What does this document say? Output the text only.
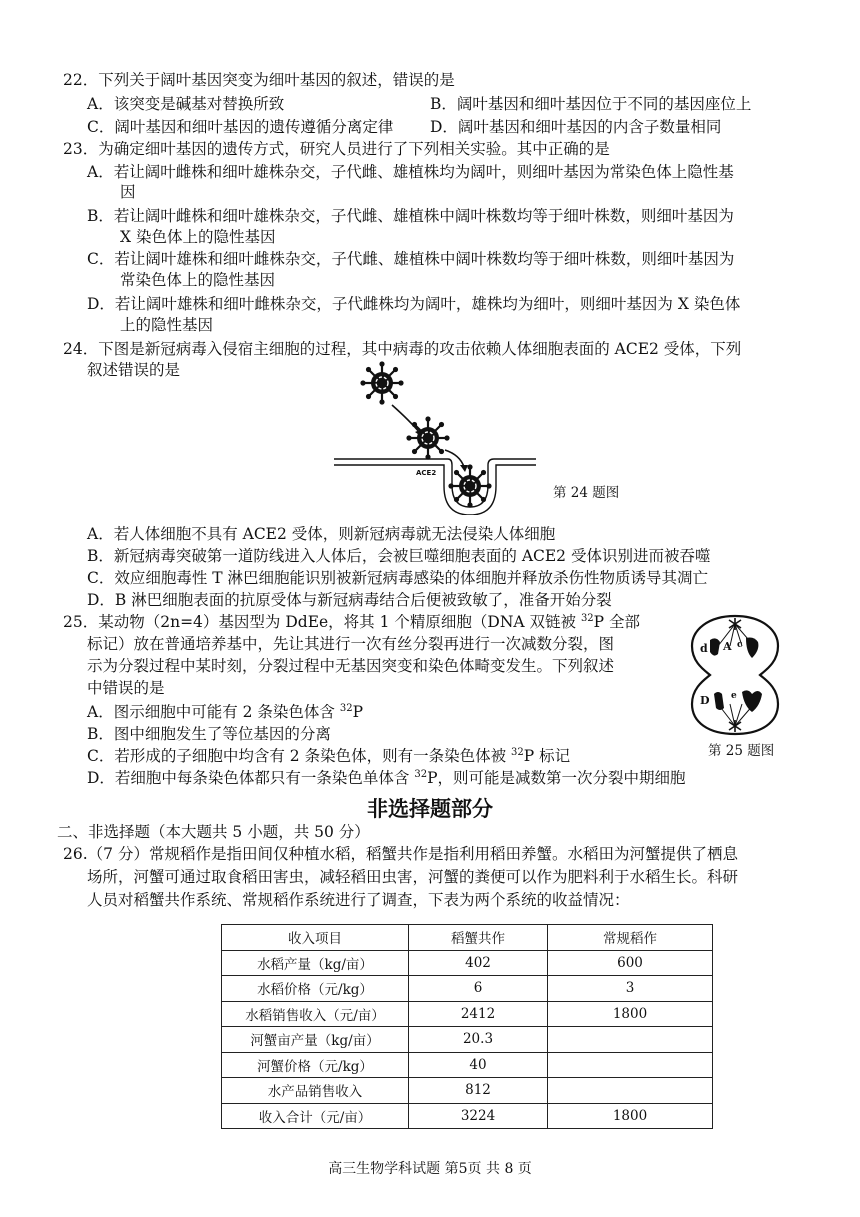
22．下列关于阔叶基因突变为细叶基因的叙述，错误的是
A．该突变是碱基对替换所致	B．阔叶基因和细叶基因位于不同的基因座位上
C．阔叶基因和细叶基因的遗传遵循分离定律 D．阔叶基因和细叶基因的内含子数量相同
23．为确定细叶基因的遗传方式，研究人员进行了下列相关实验。其中正确的是
A．若让阔叶雌株和细叶雄株杂交，子代雌、雄植株均为阔叶，则细叶基因为常染色体上隐性基
因
B．若让阔叶雌株和细叶雄株杂交，子代雌、雄植株中阔叶株数均等于细叶株数，则细叶基因为
X 染色体上的隐性基因
C．若让阔叶雄株和细叶雌株杂交，子代雌、雄植株中阔叶株数均等于细叶株数，则细叶基因为
常染色体上的隐性基因
D．若让阔叶雄株和细叶雌株杂交，子代雌株均为阔叶，雄株均为细叶，则细叶基因为 X 染色体
上的隐性基因
24．下图是新冠病毒入侵宿主细胞的过程，其中病毒的攻击依赖人体细胞表面的 ACE2 受体，下列
叙述错误的是
ACE2
第 24 题图
A．若人体细胞不具有 ACE2 受体，则新冠病毒就无法侵染人体细胞
B．新冠病毒突破第一道防线进入人体后，会被巨噬细胞表面的 ACE2 受体识别进而被吞噬
C．效应细胞毒性 T 淋巴细胞能识别被新冠病毒感染的体细胞并释放杀伤性物质诱导其凋亡
D．B 淋巴细胞表面的抗原受体与新冠病毒结合后便被致敏了，准备开始分裂
25．某动物（2n=4）基因型为 DdEe，将其 1 个精原细胞（DNA 双链被 $^{32}$P 全部
标记）放在普通培养基中，先让其进行一次有丝分裂再进行一次减数分裂，图
示为分裂过程中某时刻，分裂过程中无基因突变和染色体畸变发生。下列叙述
中错误的是
A．图示细胞中可能有 2 条染色体含 $^{32}$P
B．图中细胞发生了等位基因的分离
C．若形成的子细胞中均含有 2 条染色体，则有一条染色体被 $^{32}$P 标记
D．若细胞中每条染色体都只有一条染色单体含 $^{32}$P，则可能是减数第一次分裂中期细胞
d A c
D e
第 25 题图
非选择题部分
二、非选择题（本大题共 5 小题，共 50 分）
26.（7 分）常规稻作是指田间仅种植水稻，稻蟹共作是指利用稻田养蟹。水稻田为河蟹提供了栖息
场所，河蟹可通过取食稻田害虫，减轻稻田虫害，河蟹的粪便可以作为肥料利于水稻生长。科研
人员对稻蟹共作系统、常规稻作系统进行了调查，下表为两个系统的收益情况：
收入项目	稻蟹共作	常规稻作
水稻产量（kg/亩）	402	600
水稻价格（元/kg）	6	3
水稻销售收入（元/亩）	2412	1800
河蟹亩产量（kg/亩）	20.3	
河蟹价格（元/kg）	40	
水产品销售收入	812	
收入合计（元/亩）	3224	1800
高三生物学科试题 第5页 共 8 页
